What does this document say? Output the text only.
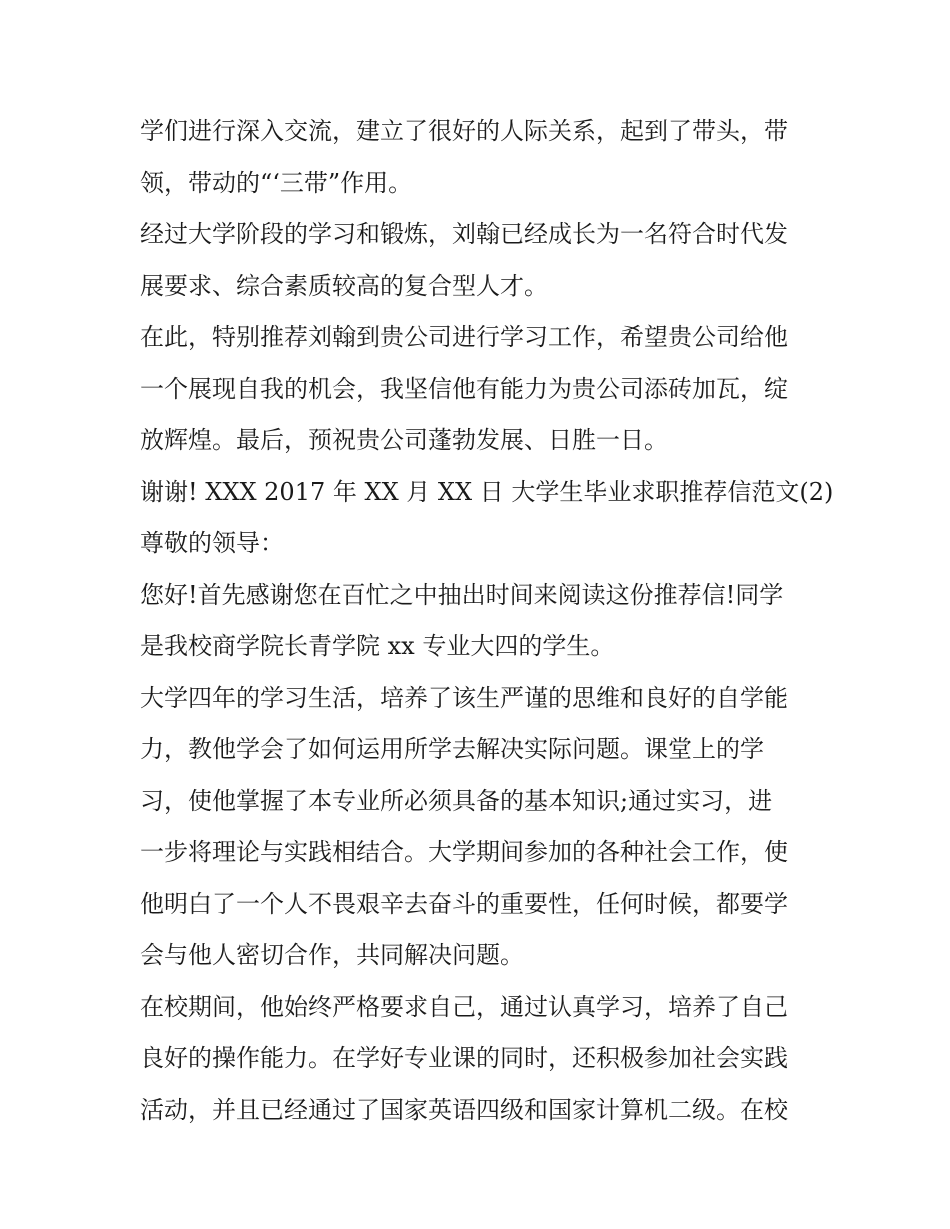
学们进行深入交流，建立了很好的人际关系，起到了带头，带
领，带动的“‘三带”作用。
经过大学阶段的学习和锻炼，刘翰已经成长为一名符合时代发
展要求、综合素质较高的复合型人才。
在此，特别推荐刘翰到贵公司进行学习工作，希望贵公司给他
一个展现自我的机会，我坚信他有能力为贵公司添砖加瓦，绽
放辉煌。最后，预祝贵公司蓬勃发展、日胜一日。
谢谢! XXX 2017 年 XX 月 XX 日 大学生毕业求职推荐信范文(2)
尊敬的领导：
您好!首先感谢您在百忙之中抽出时间来阅读这份推荐信!同学
是我校商学院长青学院 xx 专业大四的学生。
大学四年的学习生活，培养了该生严谨的思维和良好的自学能
力，教他学会了如何运用所学去解决实际问题。课堂上的学
习，使他掌握了本专业所必须具备的基本知识;通过实习，进
一步将理论与实践相结合。大学期间参加的各种社会工作，使
他明白了一个人不畏艰辛去奋斗的重要性，任何时候，都要学
会与他人密切合作，共同解决问题。
在校期间，他始终严格要求自己，通过认真学习，培养了自己
良好的操作能力。在学好专业课的同时，还积极参加社会实践
活动，并且已经通过了国家英语四级和国家计算机二级。在校
